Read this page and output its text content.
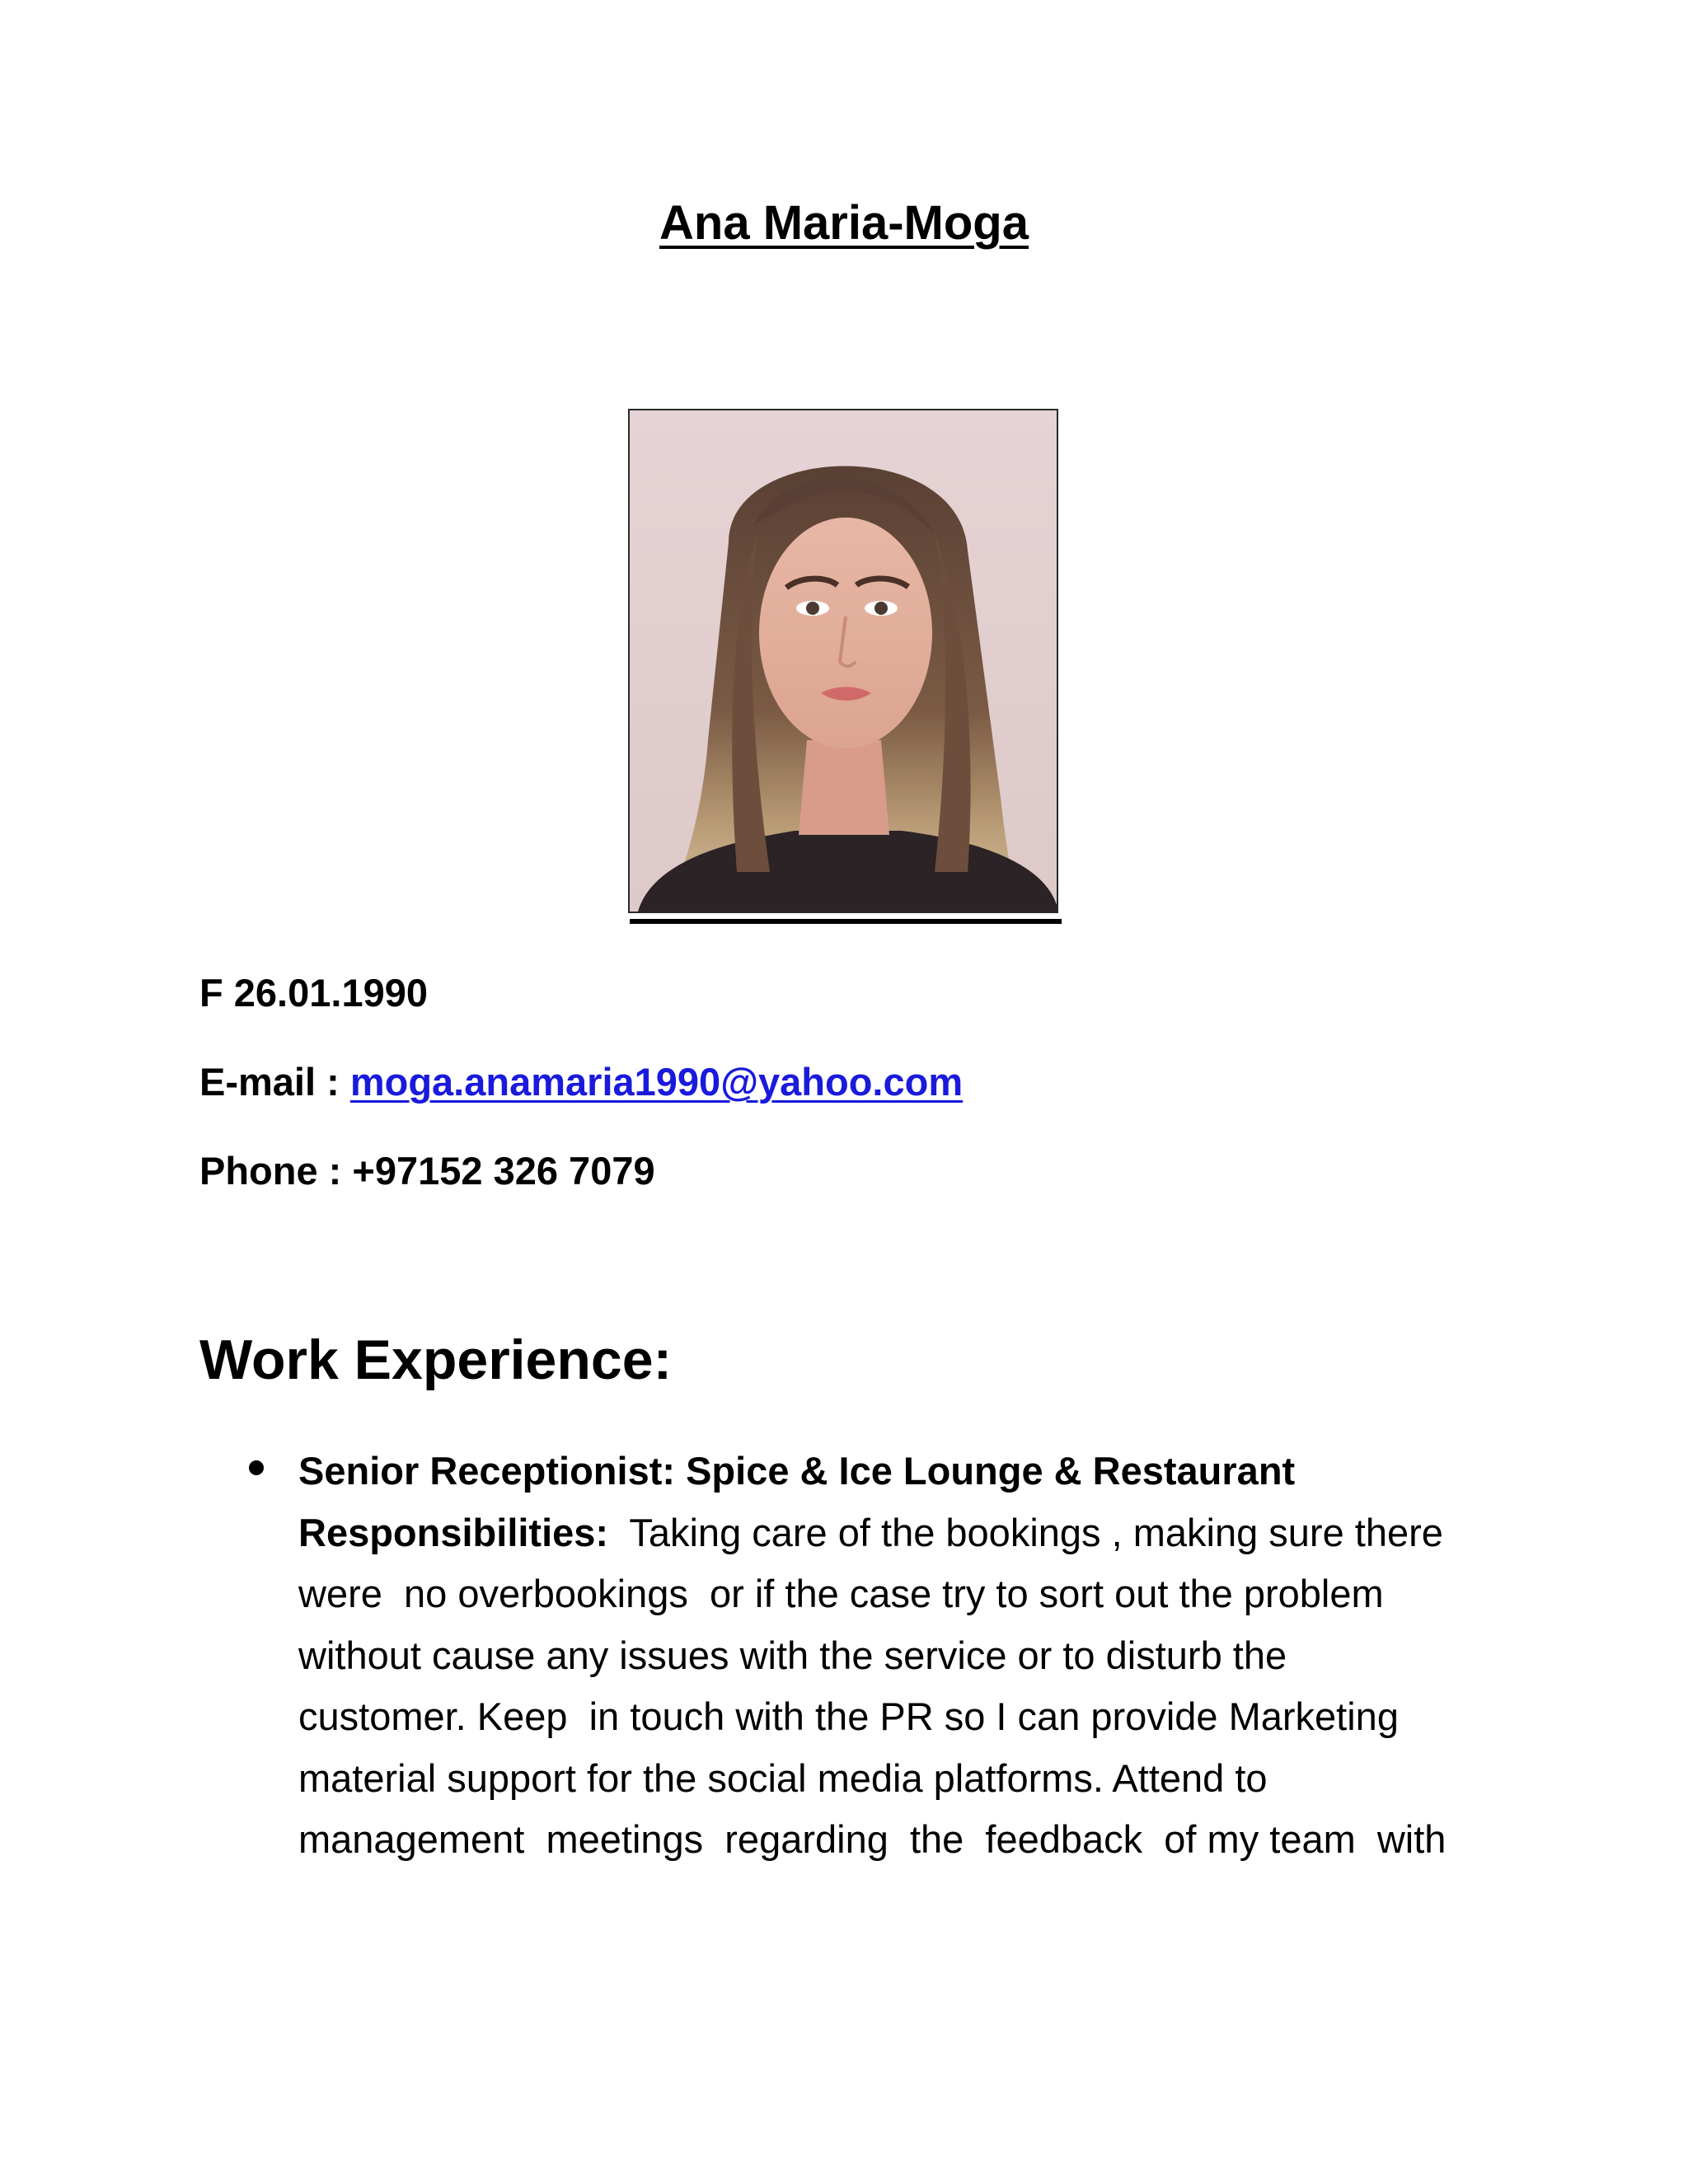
Ana Maria-Moga
F 26.01.1990
E-mail : moga.anamaria1990@yahoo.com
Phone : +97152 326 7079
Work Experience:
Senior Receptionist: Spice & Ice Lounge & Restaurant
Responsibilities:  Taking care of the bookings , making sure there
were  no overbookings  or if the case try to sort out the problem
without cause any issues with the service or to disturb the
customer. Keep  in touch with the PR so I can provide Marketing
material support for the social media platforms. Attend to
management  meetings  regarding  the  feedback  of my team  with
